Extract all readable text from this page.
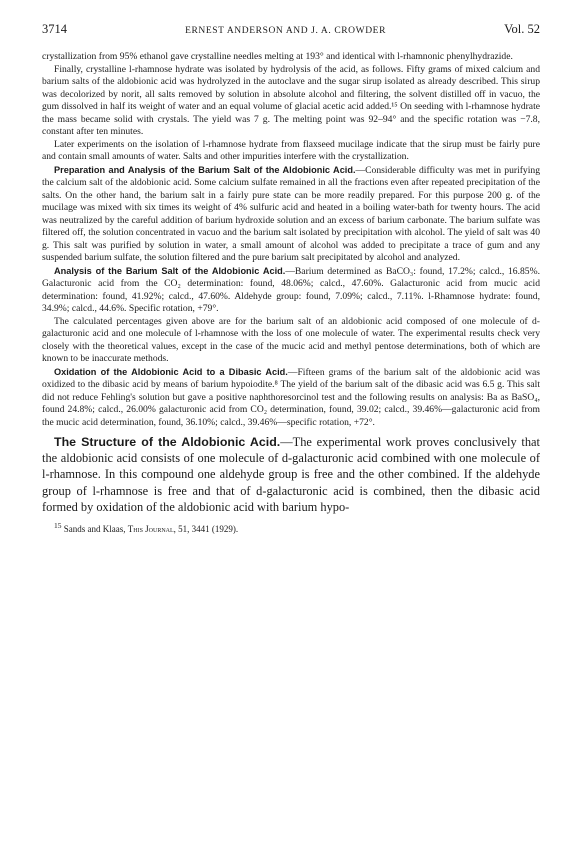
3714	ERNEST ANDERSON AND J. A. CROWDER	Vol. 52

crystallization from 95% ethanol gave crystalline needles melting at 193° and identical with l-rhamnonic phenylhydrazide.

Finally, crystalline l-rhamnose hydrate was isolated by hydrolysis of the acid, as follows. Fifty grams of mixed calcium and barium salts of the aldobionic acid was hydrolyzed in the autoclave and the sugar sirup isolated as already described. This sirup was decolorized by norit, all salts removed by solution in absolute alcohol and filtering, the solvent distilled off in vacuo, the gum dissolved in half its weight of water and an equal volume of glacial acetic acid added.¹⁵ On seeding with l-rhamnose hydrate the mass became solid with crystals. The yield was 7 g. The melting point was 92–94° and the specific rotation was −7.8, constant after ten minutes.

Later experiments on the isolation of l-rhamnose hydrate from flaxseed mucilage indicate that the sirup must be fairly pure and contain small amounts of water. Salts and other impurities interfere with the crystallization.

Preparation and Analysis of the Barium Salt of the Aldobionic Acid.—Considerable difficulty was met in purifying the calcium salt of the aldobionic acid. Some calcium sulfate remained in all the fractions even after repeated precipitation of the salts. On the other hand, the barium salt in a fairly pure state can be more readily prepared. For this purpose 200 g. of the mucilage was mixed with six times its weight of 4% sulfuric acid and heated in a boiling water-bath for twenty hours. The acid was neutralized by the careful addition of barium hydroxide solution and an excess of barium carbonate. The barium sulfate was filtered off, the solution concentrated in vacuo and the barium salt isolated by precipitation with alcohol. The yield of salt was 40 g. This salt was purified by solution in water, a small amount of alcohol was added to precipitate a trace of gum and any suspended barium sulfate, the solution filtered and the pure barium salt precipitated by alcohol and analyzed.

Analysis of the Barium Salt of the Aldobionic Acid.—Barium determined as BaCO₃: found, 17.2%; calcd., 16.85%. Galacturonic acid from the CO₂ determination: found, 48.06%; calcd., 47.60%. Galacturonic acid from mucic acid determination: found, 41.92%; calcd., 47.60%. Aldehyde group: found, 7.09%; calcd., 7.11%. l-Rhamnose hydrate: found, 34.9%; calcd., 44.6%. Specific rotation, +79°.

The calculated percentages given above are for the barium salt of an aldobionic acid composed of one molecule of d-galacturonic acid and one molecule of l-rhamnose with the loss of one molecule of water. The experimental results check very closely with the theoretical values, except in the case of the mucic acid and methyl pentose determinations, both of which are known to be inaccurate methods.

Oxidation of the Aldobionic Acid to a Dibasic Acid.—Fifteen grams of the barium salt of the aldobionic acid was oxidized to the dibasic acid by means of barium hypoiodite.⁸ The yield of the barium salt of the dibasic acid was 6.5 g. This salt did not reduce Fehling's solution but gave a positive naphthoresorcinol test and the following results on analysis: Ba as BaSO₄, found 24.8%; calcd., 26.00% galacturonic acid from CO₂ determination, found, 39.02; calcd., 39.46%—galacturonic acid from the mucic acid determination, found, 36.10%; calcd., 39.46%—specific rotation, +72°.

The Structure of the Aldobionic Acid.—The experimental work proves conclusively that the aldobionic acid consists of one molecule of d-galacturonic acid combined with one molecule of l-rhamnose. In this compound one aldehyde group is free and the other combined. If the aldehyde group of l-rhamnose is free and that of d-galacturonic acid is combined, then the dibasic acid formed by oxidation of the aldobionic acid with barium hypo-

$^{15}$ Sands and Klaas, This Journal, 51, 3441 (1929).
